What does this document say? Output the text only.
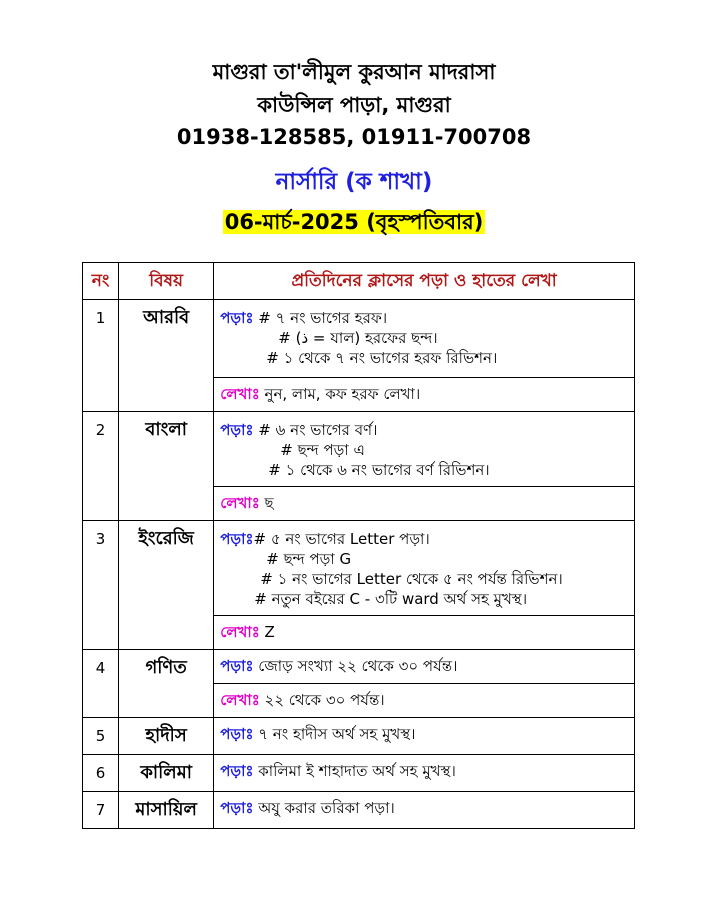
মাগুরা তা'লীমুল কুরআন মাদরাসা
কাউন্সিল পাড়া, মাগুরা
01938-128585, 01911-700708
নার্সারি (ক শাখা)
06-মার্চ-2025 (বৃহস্পতিবার)
নং	বিষয়	প্রতিদিনের ক্লাসের পড়া ও হাতের লেখা
1	আরবি	পড়াঃ # ৭ নং ভাগের হরফ।
# (ذ = যাল) হরফের ছন্দ।
# ১ থেকে ৭ নং ভাগের হরফ রিভিশন।

		লেখাঃ নুন, লাম, কফ হরফ লেখা।
2	বাংলা	পড়াঃ # ৬ নং ভাগের বর্ণ।
# ছন্দ পড়া এ
# ১ থেকে ৬ নং ভাগের বর্ণ রিভিশন।

		লেখাঃ ছ
3	ইংরেজি	পড়াঃ# ৫ নং ভাগের Letter পড়া।
# ছন্দ পড়া G
# ১ নং ভাগের Letter থেকে ৫ নং পর্যন্ত রিভিশন।
# নতুন বইয়ের C - ৩টি ward অর্থ সহ মুখস্থ।

		লেখাঃ Z
4	গণিত	পড়াঃ জোড় সংখ্যা ২২ থেকে ৩০ পর্যন্ত।
		লেখাঃ ২২ থেকে ৩০ পর্যন্ত।
5	হাদীস	পড়াঃ ৭ নং হাদীস অর্থ সহ মুখস্থ।
6	কালিমা	পড়াঃ কালিমা ই শাহাদাত অর্থ সহ মুখস্থ।
7	মাসায়িল	পড়াঃ অযু করার তরিকা পড়া।
